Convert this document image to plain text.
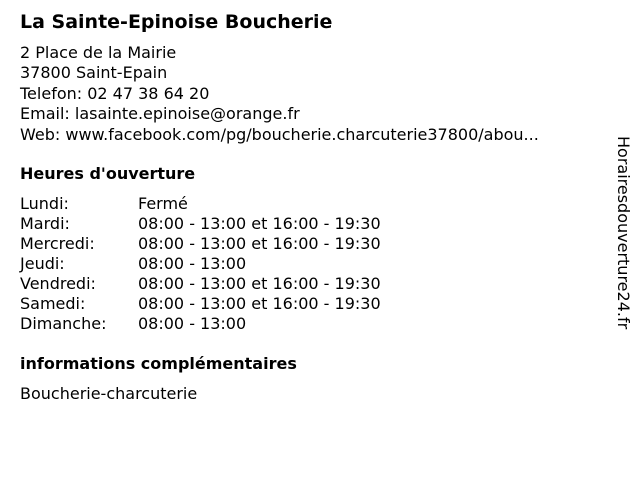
La Sainte-Epinoise Boucherie
2 Place de la Mairie
37800 Saint-Epain
Telefon: 02 47 38 64 20
Email: lasainte.epinoise@orange.fr
Web: www.facebook.com/pg/boucherie.charcuterie37800/abou...
Heures d'ouverture
Lundi:	Fermé
Mardi:	08:00 - 13:00 et 16:00 - 19:30
Mercredi:	08:00 - 13:00 et 16:00 - 19:30
Jeudi:	08:00 - 13:00
Vendredi:	08:00 - 13:00 et 16:00 - 19:30
Samedi:	08:00 - 13:00 et 16:00 - 19:30
Dimanche:	08:00 - 13:00
informations complémentaires
Boucherie-charcuterie
Horairesdouverture24.fr
